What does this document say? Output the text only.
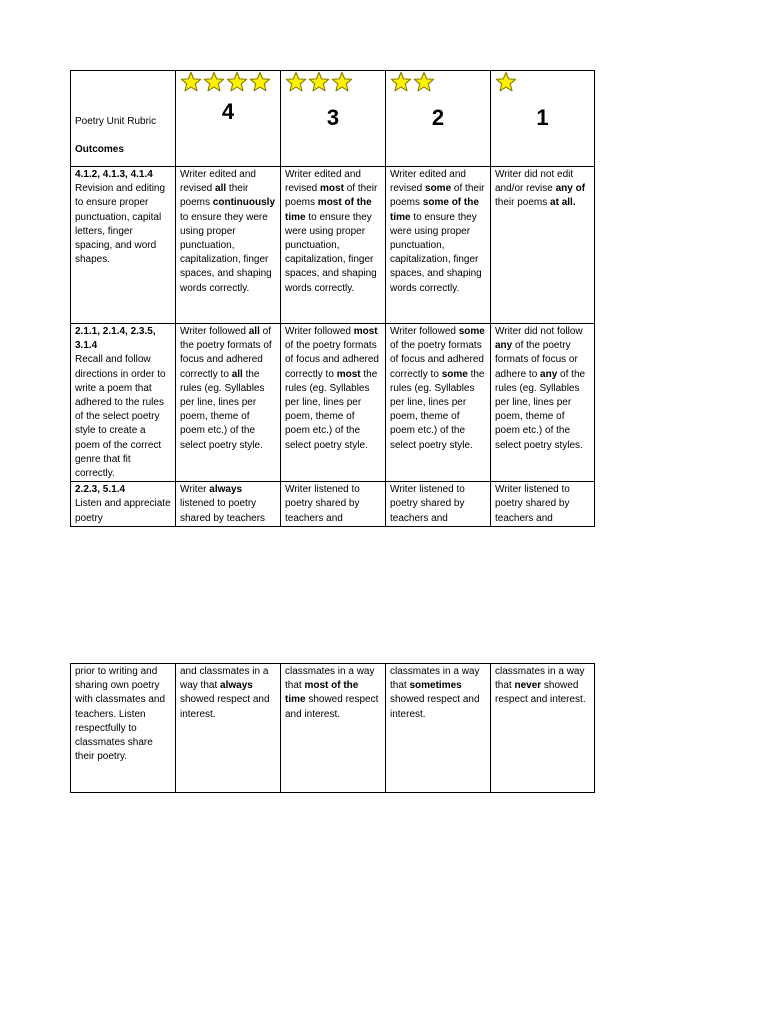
Poetry Unit Rubric
Outcomes	4	3	2	1

4.1.2, 4.1.3, 4.1.4
Revision and editing to ensure proper punctuation, capital letters, finger spacing, and word shapes.	Writer edited and revised all their poems continuously to ensure they were using proper punctuation, capitalization, finger spaces, and shaping words correctly.	Writer edited and revised most of their poems most of the time to ensure they were using proper punctuation, capitalization, finger spaces, and shaping words correctly.	Writer edited and revised some of their poems some of the time to ensure they were using proper punctuation, capitalization, finger spaces, and shaping words correctly.	Writer did not edit and/or revise any of their poems at all.
2.1.1, 2.1.4, 2.3.5, 3.1.4
Recall and follow directions in order to write a poem that adhered to the rules of the select poetry style to create a poem of the correct genre that fit correctly.	Writer followed all of the poetry formats of focus and adhered correctly to all the rules (eg. Syllables per line, lines per poem, theme of poem etc.) of the select poetry style.	Writer followed most of the poetry formats of focus and adhered correctly to most the rules (eg. Syllables per line, lines per poem, theme of poem etc.) of the select poetry style.	Writer followed some of the poetry formats of focus and adhered correctly to some the rules (eg. Syllables per line, lines per poem, theme of poem etc.) of the select poetry style.	Writer did not follow any of the poetry formats of focus or adhere to any of the rules (eg. Syllables per line, lines per poem, theme of poem etc.) of the select poetry styles.
2.2.3, 5.1.4
Listen and appreciate poetry	Writer always listened to poetry shared by teachers	Writer listened to poetry shared by teachers and	Writer listened to poetry shared by teachers and	Writer listened to poetry shared by teachers and
prior to writing and sharing own poetry with classmates and teachers. Listen respectfully to classmates share their poetry.	and classmates in a way that always showed respect and interest.	classmates in a way that most of the time showed respect and interest.	classmates in a way that sometimes showed respect and interest.	classmates in a way that never showed respect and interest.
